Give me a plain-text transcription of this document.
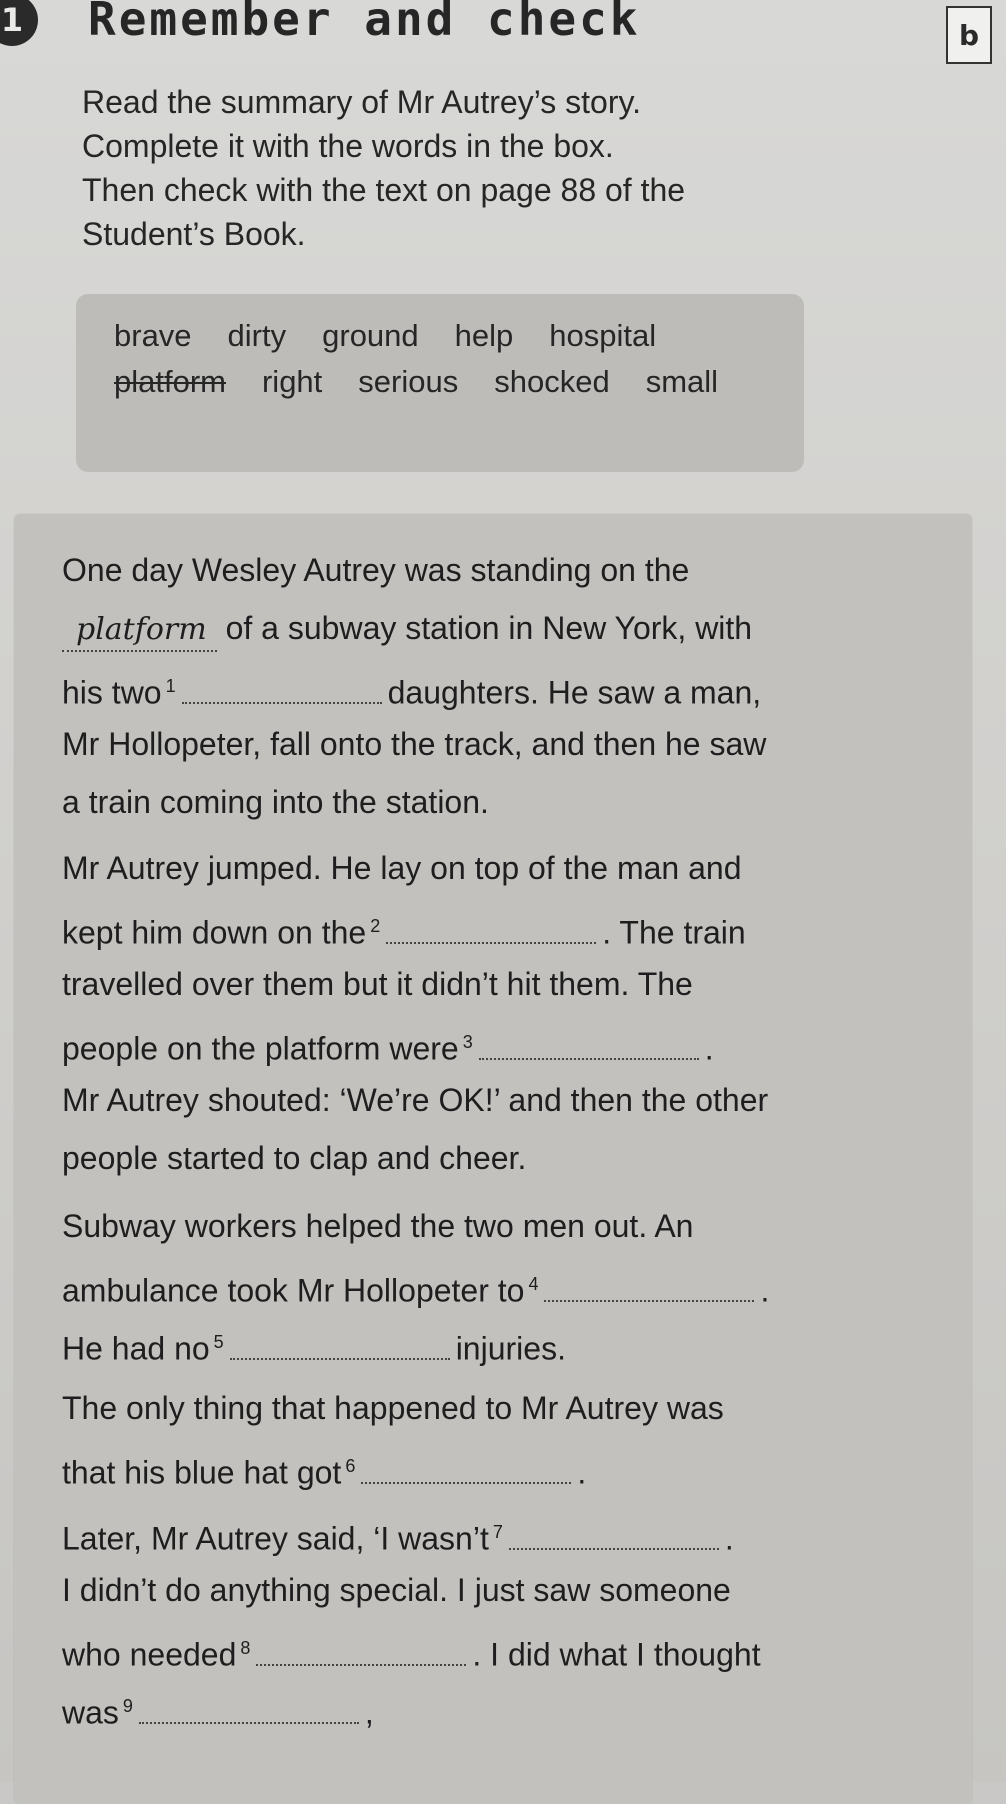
1	Remember and check	b

Read the summary of Mr Autrey’s story.

Complete it with the words in the box.

Then check with the text on page 88 of the

Student’s Book.

brave dirty ground help hospital
platform right serious shocked small
One day Wesley Autrey was standing on the
platform of a subway station in New York, with
his two $^1$	daughters. He saw a man,
Mr Hollopeter, fall onto the track, and then he saw
a train coming into the station.
Mr Autrey jumped. He lay on top of the man and
kept him down on the $^2$	. The train
travelled over them but it didn’t hit them. The
people on the platform were $^3$	.
Mr Autrey shouted: ‘We’re OK!’ and then the other
people started to clap and cheer.
Subway workers helped the two men out. An
ambulance took Mr Hollopeter to $^4$	.
He had no $^5$	injuries.
The only thing that happened to Mr Autrey was
that his blue hat got $^6$	.
Later, Mr Autrey said, ‘I wasn’t $^7$	.
I didn’t do anything special. I just saw someone
who needed $^8$	. I did what I thought
was $^9$	,
